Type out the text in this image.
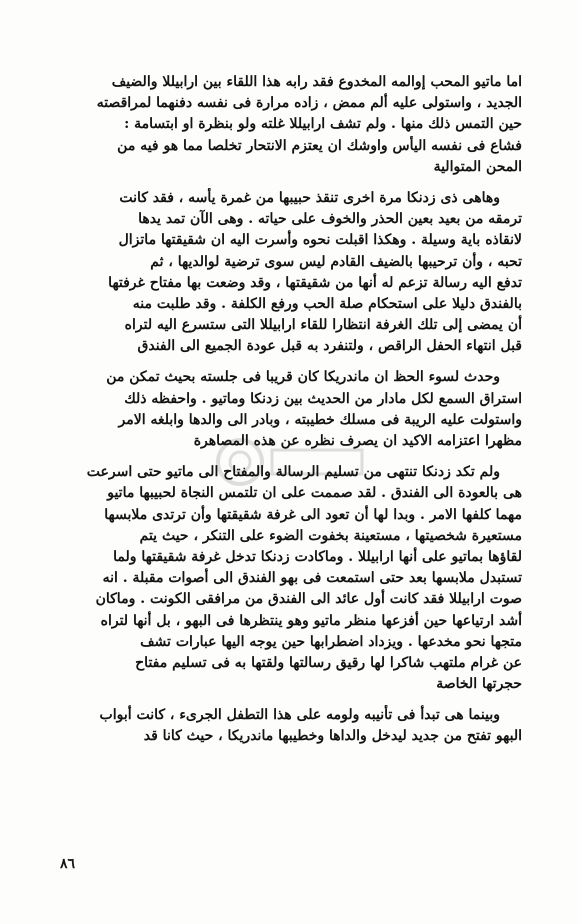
اما ماتيو المحب إوالمه المخدوع فقد رابه هذا اللقاء بين ارابيللا والضيف
الجديد ، واستولى عليه ألم ممض ، زاده مرارة فى نفسه دفنهما لمراقصته
حين التمس ذلك منها . ولم تشف ارابيللا غلته ولو بنظرة او ابتسامة :
فشاع فى نفسه اليأس واوشك ان يعتزم الانتحار تخلصا مما هو فيه من
المحن المتوالية
وهاهى ذى زدنكا مرة اخرى تنقذ حبيبها من غمرة يأسه ، فقد كانت
ترمقه من بعيد بعين الحذر والخوف على حياته . وهى الآن تمد يدها
لانقاذه باية وسيلة . وهكذا اقبلت نحوه وأسرت اليه ان شقيقتها ماتزال
تحبه ، وأن ترحيبها بالضيف القادم ليس سوى ترضية لوالديها ، ثم
تدفع اليه رسالة تزعم له أنها من شقيقتها ، وقد وضعت بها مفتاح غرفتها
بالفندق دليلا على استحكام صلة الحب ورفع الكلفة . وقد طلبت منه
أن يمضى إلى تلك الغرفة انتظارا للقاء ارابيللا التى ستسرع اليه لتراه
قبل انتهاء الحفل الراقص ، ولتنفرد به قبل عودة الجميع الى الفندق
وحدث لسوء الحظ ان ماندريكا كان قريبا فى جلسته بحيث تمكن من
استراق السمع لكل مادار من الحديث بين زدنكا وماتيو . واحفظه ذلك
واستولت عليه الريبة فى مسلك خطيبته ، وبادر الى والدها وابلغه الامر
مظهرا اعتزامه الاكيد ان يصرف نظره عن هذه المصاهرة
ولم تكد زدنكا تنتهى من تسليم الرسالة والمفتاح الى ماتيو حتى اسرعت
هى بالعودة الى الفندق . لقد صممت على ان تلتمس النجاة لحبيبها ماتيو
مهما كلفها الامر . وبدا لها أن تعود الى غرفة شقيقتها وأن ترتدى ملابسها
مستعيرة شخصيتها ، مستعينة بخفوت الضوء على التنكر ، حيث يتم
لقاؤها بماتيو على أنها ارابيللا . وماكادت زدنكا تدخل غرفة شقيقتها ولما
تستبدل ملابسها بعد حتى استمعت فى بهو الفندق الى أصوات مقبلة . انه
صوت ارابيللا فقد كانت أول عائد الى الفندق من مرافقى الكونت . وماكان
أشد ارتياعها حين أفزعها منظر ماتيو وهو ينتظرها فى البهو ، بل أنها لتراه
متجها نحو مخدعها . ويزداد اضطرابها حين يوجه اليها عبارات تشف
عن غرام ملتهب شاكرا لها رقيق رسالتها ولقتها به فى تسليم مفتاح
حجرتها الخاصة
وبينما هى تبدأ فى تأنيبه ولومه على هذا التطفل الجرىء ، كانت أبواب
البهو تفتح من جديد ليدخل والداها وخطيبها ماندريكا ، حيث كانا قد
٨٦
